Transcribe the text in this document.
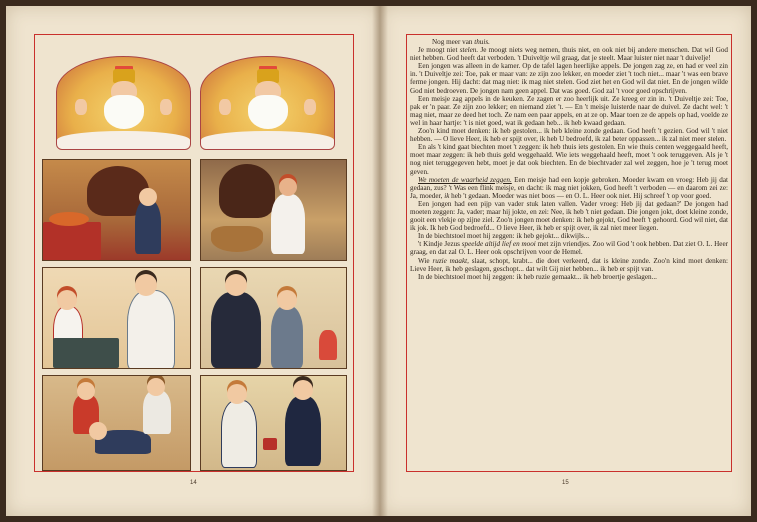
14

Nog meer van thuis.

Je moogt niet stelen. Je moogt niets weg nemen, thuis niet, en ook niet bij andere menschen. Dat wil God niet hebben. God heeft dat verboden. 't Duiveltje wil graag, dat je steelt. Maar luister niet naar 't duivelje!

Een jongen was alleen in de kamer. Op de tafel lagen heerlijke appels. De jongen zag ze, en had er veel zin in. 't Duiveltje zei: Toe, pak er maar van: ze zijn zoo lekker, en moeder ziet 't toch niet... maar 't was een brave ferme jongen. Hij dacht: dat mag niet: ik mag niet stelen. God ziet het en God wil dat niet. En de jongen wilde God niet bedroeven. De jongen nam geen appel. Dat was goed. God zal 't voor goed opschrijven.

Een meisje zag appels in de keuken. Ze zagen er zoo heerlijk uit. Ze kreeg er zin in. 't Duiveltje zei: Toe, pak er 'n paar. Ze zijn zoo lekker; en niemand ziet 't. — En 't meisje luisterde naar de duivel. Ze dacht wel: 't mag niet, maar ze deed het toch. Ze nam een paar appels, en at ze op. Maar toen ze de appels op had, voelde ze wel in haar hartje: 't is niet goed, wat ik gedaan heb... ik heb kwaad gedaan.

Zoo'n kind moet denken: ik heb gestolen... ik heb kleine zonde gedaan. God heeft 't gezien. God wil 't niet hebben. — O lieve Heer, ik heb er spijt over, ik heb U bedroefd, ik zal beter oppassen... ik zal niet meer stelen.

En als 't kind gaat biechten moet 't zeggen: ik heb thuis iets gestolen. En wie thuis centen weggegaald heeft, moet maar zeggen: ik heb thuis geld weggehaald. Wie iets weggehaald heeft, moet 't ook teruggeven. Als je 't nog niet teruggegeven hebt, moet je dat ook biechten. En de biechtvader zal wel zeggen, hoe je 't terug moet geven.

We moeten de waarheid zeggen. Een meisje had een kopje gebroken. Moeder kwam en vroeg: Heb jij dat gedaan, zus? 't Was een flink meisje, en dacht: ik mag niet jokken, God heeft 't verboden — en daarom zei ze: Ja, moeder, ik heb 't gedaan. Moeder was niet boos — en O. L. Heer ook niet. Hij schreef 't op voor goed.

Een jongen had een pijp van vader stuk laten vallen. Vader vroeg: Heb jij dat gedaan?' De jongen had moeten zeggen: Ja, vader; maar hij jokte, en zei: Nee, ik heb 't niet gedaan. Die jongen jokt, doet kleine zonde, gooit een vlekje op zijne ziel. Zoo'n jongen moet denken: ik heb gejokt, God heeft 't gehoord. God wil niet, dat ik jok. Ik heb God bedroefd... O lieve Heer, ik heb er spijt over, ik zal niet meer liegen.

In de biechtstoel moet hij zeggen: ik heb gejokt... dikwijls...

't Kindje Jezus speelde altijd lief en mooi met zijn vriendjes. Zoo wil God 't ook hebben. Dat ziet O. L. Heer graag, en dat zal O. L. Heer ook opschrijven voor de Hemel.

Wie ruzie maakt, slaat, schopt, krabt... die doet verkeerd, dat is kleine zonde. Zoo'n kind moet denken: Lieve Heer, ik heb geslagen, geschopt... dat wilt Gij niet hebben... ik heb er spijt van.

In de biechtstoel moet hij zeggen: ik heb ruzie gemaakt... ik heb broertje geslagen...

15
